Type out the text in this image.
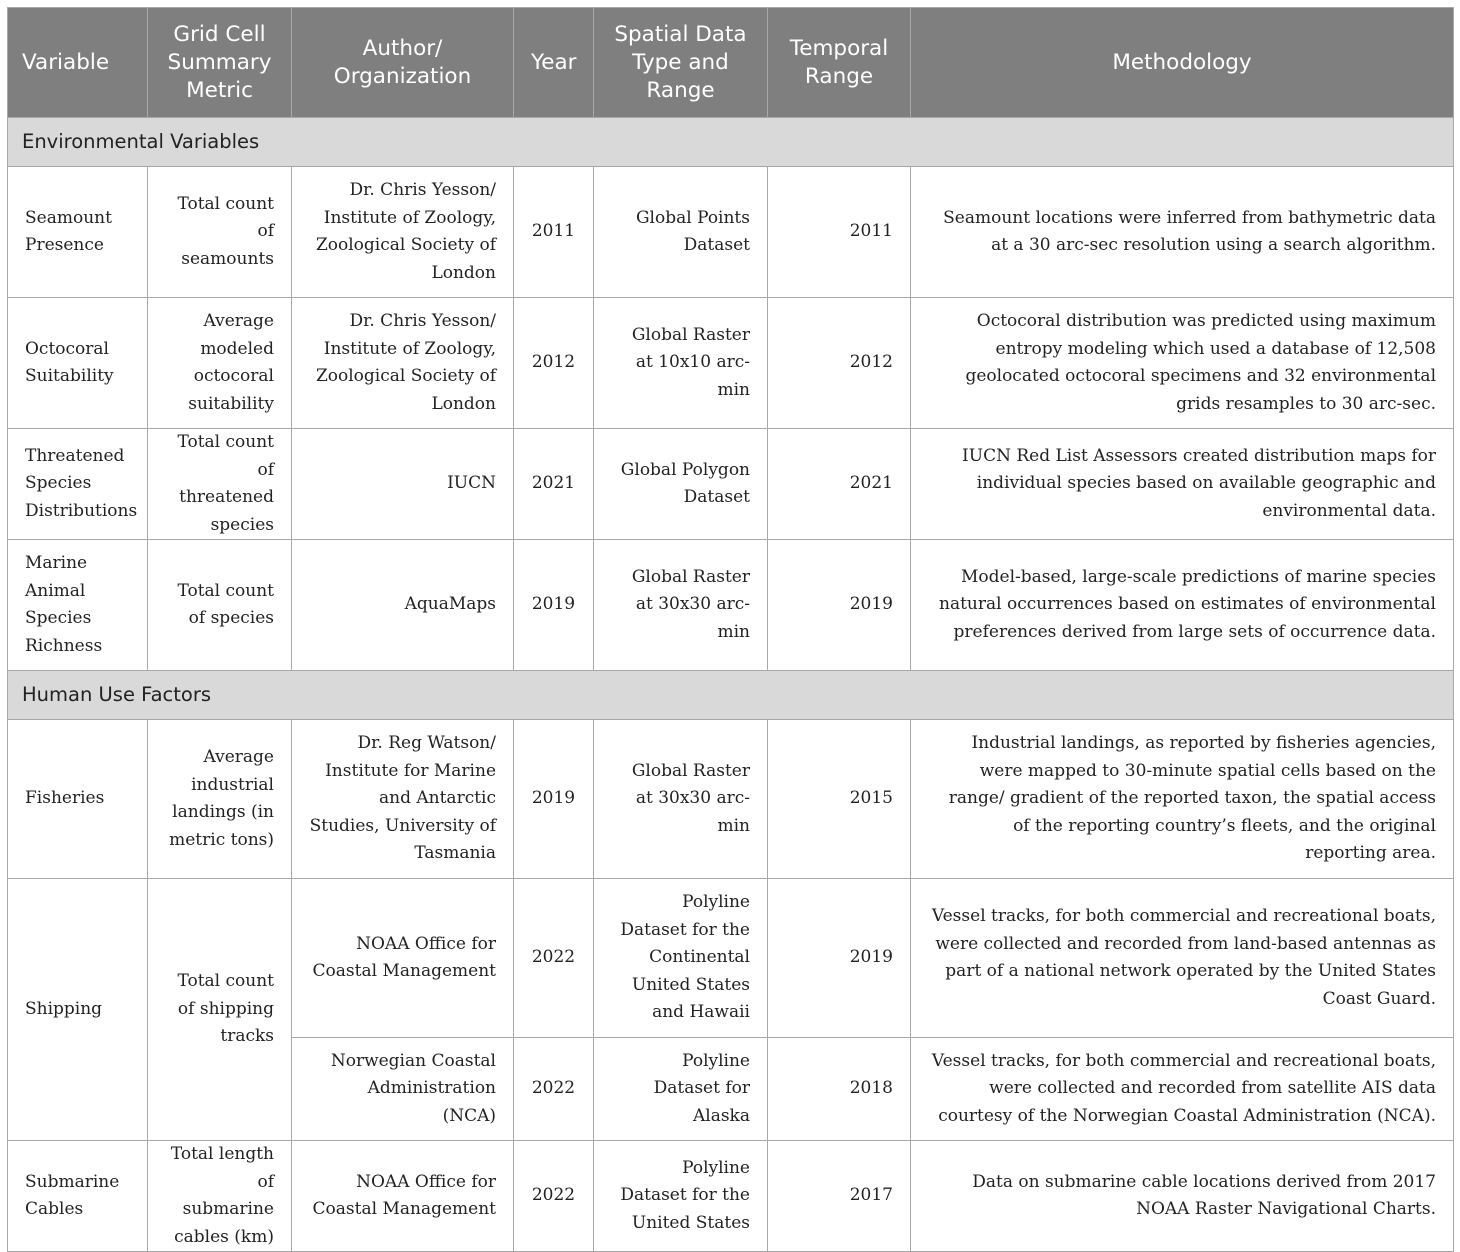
Variable	Grid Cell Summary Metric	Author/ Organization	Year	Spatial Data Type and Range	Temporal Range	Methodology
Environmental Variables						
Seamount Presence	Total count of seamounts	Dr. Chris Yesson/ Institute of Zoology, Zoological Society of London	2011	Global Points Dataset	2011	Seamount locations were inferred from bathymetric data at a 30 arc-sec resolution using a search algorithm.
Octocoral Suitability	Average modeled octocoral suitability	Dr. Chris Yesson/ Institute of Zoology, Zoological Society of London	2012	Global Raster at 10x10 arc-min	2012	Octocoral distribution was predicted using maximum entropy modeling which used a database of 12,508 geolocated octocoral specimens and 32 environmental grids resamples to 30 arc-sec.
Threatened Species Distributions	Total count of threatened species	IUCN	2021	Global Polygon Dataset	2021	IUCN Red List Assessors created distribution maps for individual species based on available geographic and environmental data.
Marine Animal Species Richness	Total count of species	AquaMaps	2019	Global Raster at 30x30 arc-min	2019	Model-based, large-scale predictions of marine species natural occurrences based on estimates of environmental preferences derived from large sets of occurrence data.
Human Use Factors						
Fisheries	Average industrial landings (in metric tons)	Dr. Reg Watson/ Institute for Marine and Antarctic Studies, University of Tasmania	2019	Global Raster at 30x30 arc-min	2015	Industrial landings, as reported by fisheries agencies, were mapped to 30-minute spatial cells based on the range/ gradient of the reported taxon, the spatial access of the reporting country’s fleets, and the original reporting area.
Shipping	Total count of shipping tracks	NOAA Office for Coastal Management	2022	Polyline Dataset for the Continental United States and Hawaii	2019	Vessel tracks, for both commercial and recreational boats, were collected and recorded from land-based antennas as part of a national network operated by the United States Coast Guard.
		Norwegian Coastal Administration (NCA)	2022	Polyline Dataset for Alaska	2018	Vessel tracks, for both commercial and recreational boats, were collected and recorded from satellite AIS data courtesy of the Norwegian Coastal Administration (NCA).
Submarine Cables	Total length of submarine cables (km)	NOAA Office for Coastal Management	2022	Polyline Dataset for the United States	2017	Data on submarine cable locations derived from 2017 NOAA Raster Navigational Charts.
